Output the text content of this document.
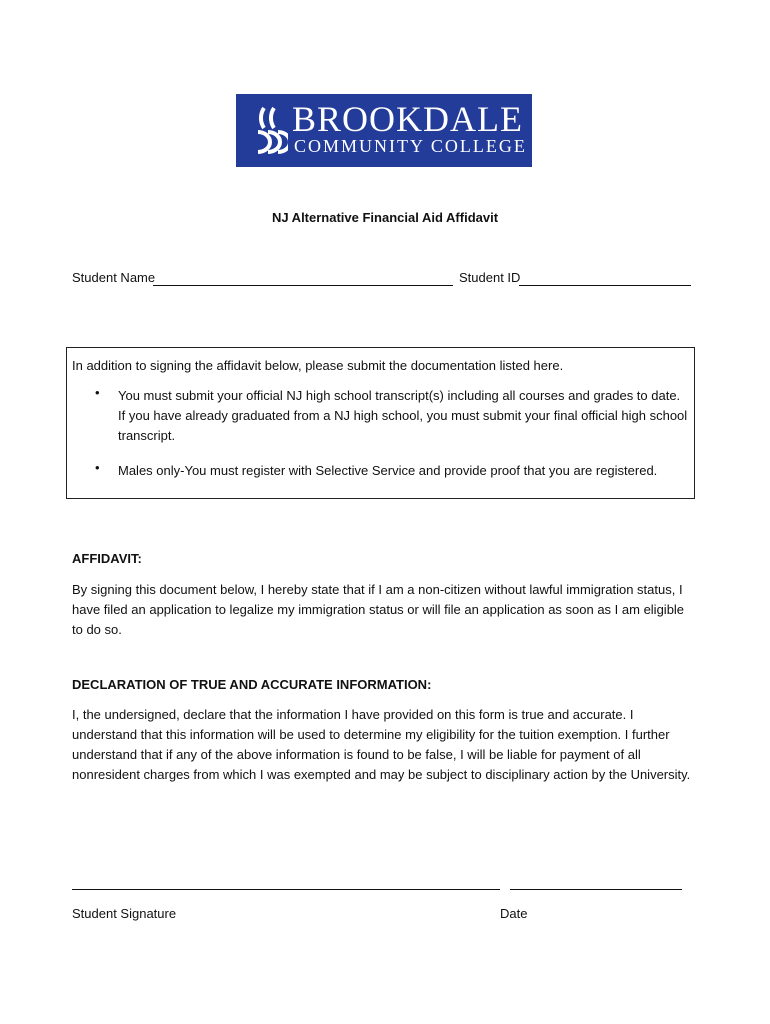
BROOKDALE
COMMUNITY COLLEGE
NJ Alternative Financial Aid Affidavit
Student Name	Student ID
In addition to signing the affidavit below, please submit the documentation listed here.
• You must submit your official NJ high school transcript(s) including all courses and grades to date. If you have already graduated from a NJ high school, you must submit your final official high school transcript.
• Males only-You must register with Selective Service and provide proof that you are registered.
AFFIDAVIT:
By signing this document below, I hereby state that if I am a non-citizen without lawful immigration status, I have filed an application to legalize my immigration status or will file an application as soon as I am eligible to do so.
DECLARATION OF TRUE AND ACCURATE INFORMATION:
I, the undersigned, declare that the information I have provided on this form is true and accurate. I understand that this information will be used to determine my eligibility for the tuition exemption. I further understand that if any of the above information is found to be false, I will be liable for payment of all nonresident charges from which I was exempted and may be subject to disciplinary action by the University.
Student Signature	Date
